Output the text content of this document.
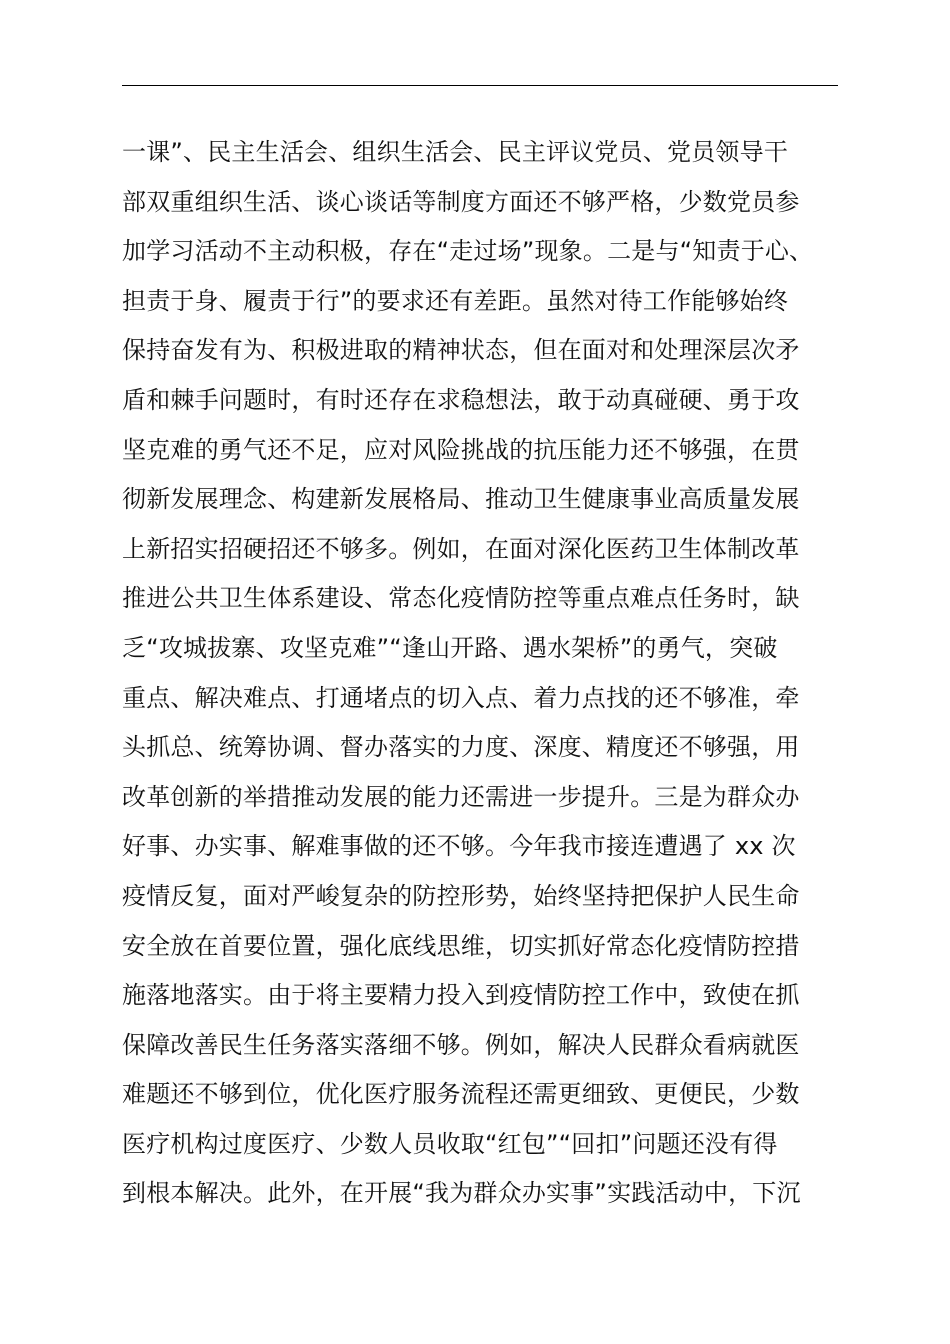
一课”、民主生活会、组织生活会、民主评议党员、党员领导干
部双重组织生活、谈心谈话等制度方面还不够严格，少数党员参
加学习活动不主动积极，存在“走过场”现象。二是与“知责于心、
担责于身、履责于行”的要求还有差距。虽然对待工作能够始终
保持奋发有为、积极进取的精神状态，但在面对和处理深层次矛
盾和棘手问题时，有时还存在求稳想法，敢于动真碰硬、勇于攻
坚克难的勇气还不足，应对风险挑战的抗压能力还不够强，在贯
彻新发展理念、构建新发展格局、推动卫生健康事业高质量发展
上新招实招硬招还不够多。例如，在面对深化医药卫生体制改革
推进公共卫生体系建设、常态化疫情防控等重点难点任务时，缺
乏“攻城拔寨、攻坚克难”“逢山开路、遇水架桥”的勇气，突破
重点、解决难点、打通堵点的切入点、着力点找的还不够准，牵
头抓总、统筹协调、督办落实的力度、深度、精度还不够强，用
改革创新的举措推动发展的能力还需进一步提升。三是为群众办
好事、办实事、解难事做的还不够。今年我市接连遭遇了 xx 次
疫情反复，面对严峻复杂的防控形势，始终坚持把保护人民生命
安全放在首要位置，强化底线思维，切实抓好常态化疫情防控措
施落地落实。由于将主要精力投入到疫情防控工作中，致使在抓
保障改善民生任务落实落细不够。例如，解决人民群众看病就医
难题还不够到位，优化医疗服务流程还需更细致、更便民，少数
医疗机构过度医疗、少数人员收取“红包”“回扣”问题还没有得
到根本解决。此外，在开展“我为群众办实事”实践活动中，下沉
